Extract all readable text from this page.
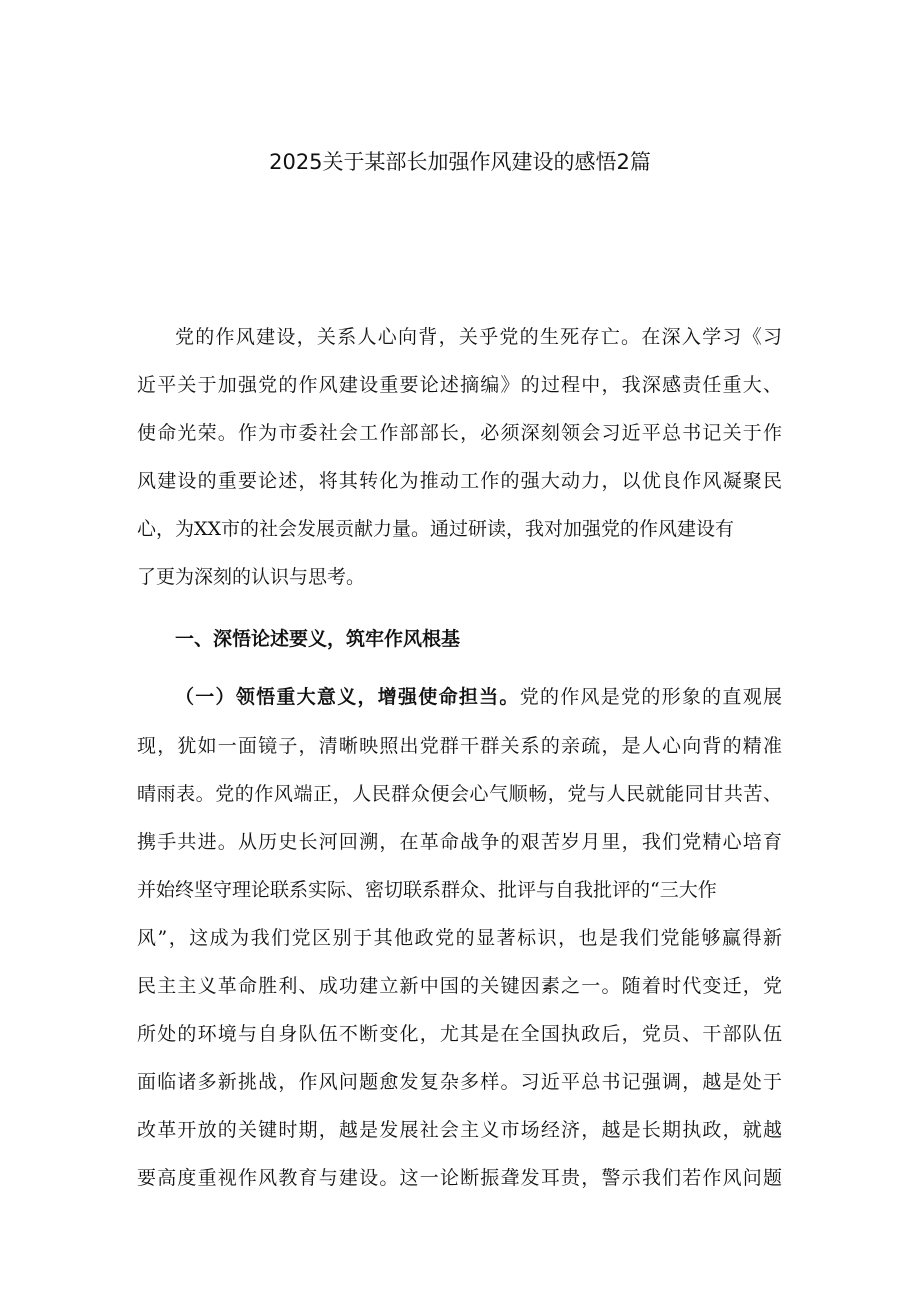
2025关于某部长加强作风建设的感悟2篇

党的作风建设，关系人心向背，关乎党的生死存亡。在深入学习《习

近平关于加强党的作风建设重要论述摘编》的过程中，我深感责任重大、

使命光荣。作为市委社会工作部部长，必须深刻领会习近平总书记关于作

风建设的重要论述，将其转化为推动工作的强大动力，以优良作风凝聚民

心，为XX市的社会发展贡献力量。通过研读，我对加强党的作风建设有

了更为深刻的认识与思考。

一、深悟论述要义，筑牢作风根基

（一）领悟重大意义，增强使命担当。党的作风是党的形象的直观展

现，犹如一面镜子，清晰映照出党群干群关系的亲疏，是人心向背的精准

晴雨表。党的作风端正，人民群众便会心气顺畅，党与人民就能同甘共苦、

携手共进。从历史长河回溯，在革命战争的艰苦岁月里，我们党精心培育

并始终坚守理论联系实际、密切联系群众、批评与自我批评的“三大作

风”，这成为我们党区别于其他政党的显著标识，也是我们党能够赢得新

民主主义革命胜利、成功建立新中国的关键因素之一。随着时代变迁，党

所处的环境与自身队伍不断变化，尤其是在全国执政后，党员、干部队伍

面临诸多新挑战，作风问题愈发复杂多样。习近平总书记强调，越是处于

改革开放的关键时期，越是发展社会主义市场经济，越是长期执政，就越

要高度重视作风教育与建设。这一论断振聋发耳贵，警示我们若作风问题
